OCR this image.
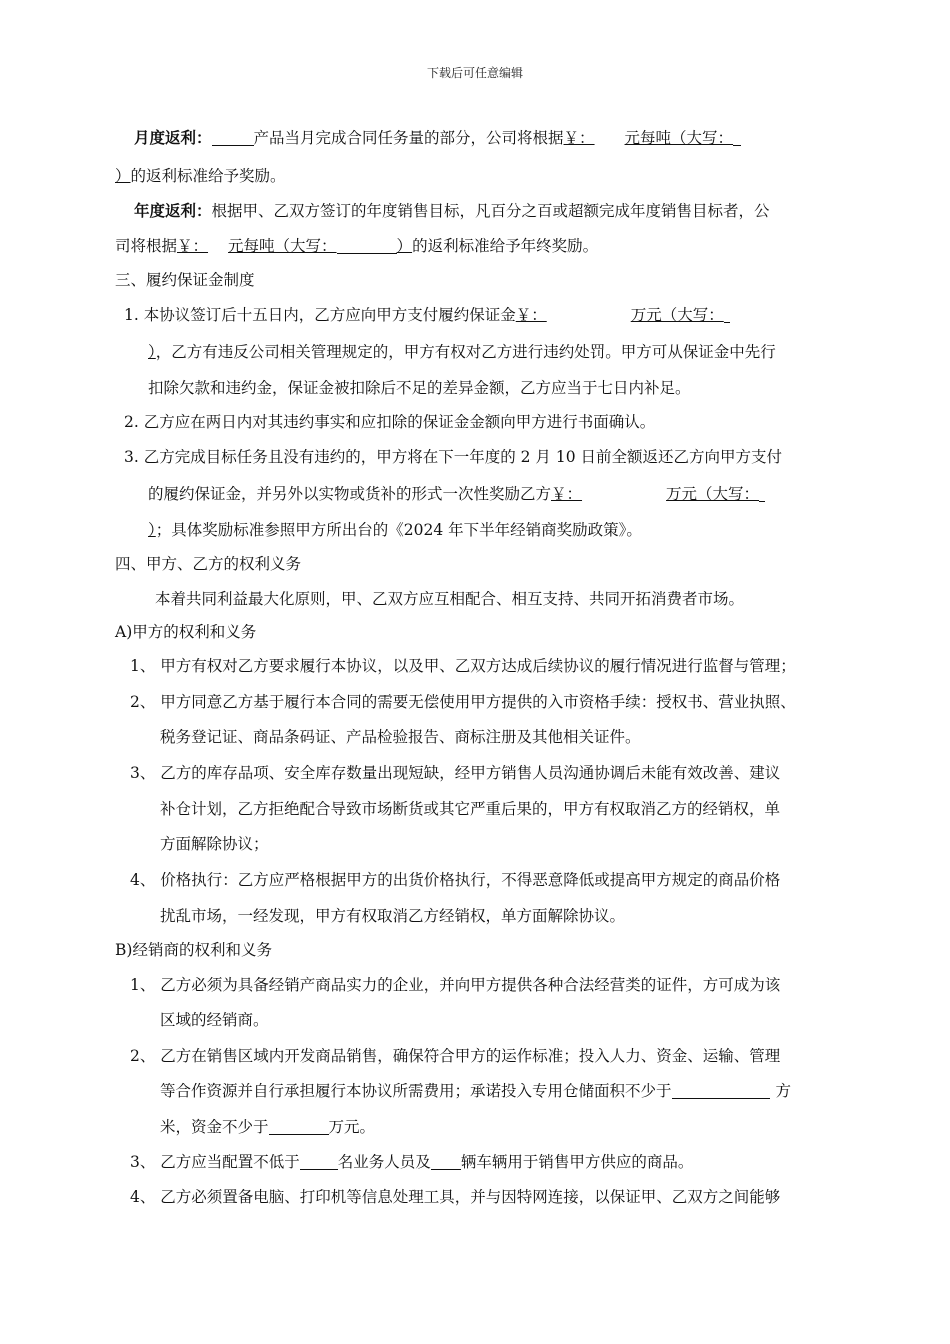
下载后可任意编辑
月度返利：	产品当月完成合同任务量的部分，公司将根据￥： 元每吨（大写：
）的返利标准给予奖励。
年度返利：根据甲、乙双方签订的年度销售目标，凡百分之百或超额完成年度销售目标者，公
司将根据￥： 元每吨（大写：	）的返利标准给予年终奖励。
三、履约保证金制度
1. 本协议签订后十五日内，乙方应向甲方支付履约保证金￥：	万元（大写：
），乙方有违反公司相关管理规定的，甲方有权对乙方进行违约处罚。甲方可从保证金中先行
扣除欠款和违约金，保证金被扣除后不足的差异金额，乙方应当于七日内补足。
2. 乙方应在两日内对其违约事实和应扣除的保证金金额向甲方进行书面确认。
3. 乙方完成目标任务且没有违约的，甲方将在下一年度的 2 月 10 日前全额返还乙方向甲方支付
的履约保证金，并另外以实物或货补的形式一次性奖励乙方￥：	万元（大写：
）；具体奖励标准参照甲方所出台的《2024 年下半年经销商奖励政策》。
四、甲方、乙方的权利义务
本着共同利益最大化原则，甲、乙双方应互相配合、相互支持、共同开拓消费者市场。
A)甲方的权利和义务
1、 甲方有权对乙方要求履行本协议，以及甲、乙双方达成后续协议的履行情况进行监督与管理；
2、 甲方同意乙方基于履行本合同的需要无偿使用甲方提供的入市资格手续：授权书、营业执照、
税务登记证、商品条码证、产品检验报告、商标注册及其他相关证件。
3、 乙方的库存品项、安全库存数量出现短缺，经甲方销售人员沟通协调后未能有效改善、建议
补仓计划，乙方拒绝配合导致市场断货或其它严重后果的，甲方有权取消乙方的经销权，单
方面解除协议；
4、 价格执行：乙方应严格根据甲方的出货价格执行，不得恶意降低或提高甲方规定的商品价格
扰乱市场，一经发现，甲方有权取消乙方经销权，单方面解除协议。
B)经销商的权利和义务
1、 乙方必须为具备经销产商品实力的企业，并向甲方提供各种合法经营类的证件，方可成为该
区域的经销商。
2、 乙方在销售区域内开发商品销售，确保符合甲方的运作标准；投入人力、资金、运输、管理
等合作资源并自行承担履行本协议所需费用；承诺投入专用仓储面积不少于	方
米，资金不少于	万元。
3、 乙方应当配置不低于 名业务人员及 辆车辆用于销售甲方供应的商品。
4、 乙方必须置备电脑、打印机等信息处理工具，并与因特网连接，以保证甲、乙双方之间能够
